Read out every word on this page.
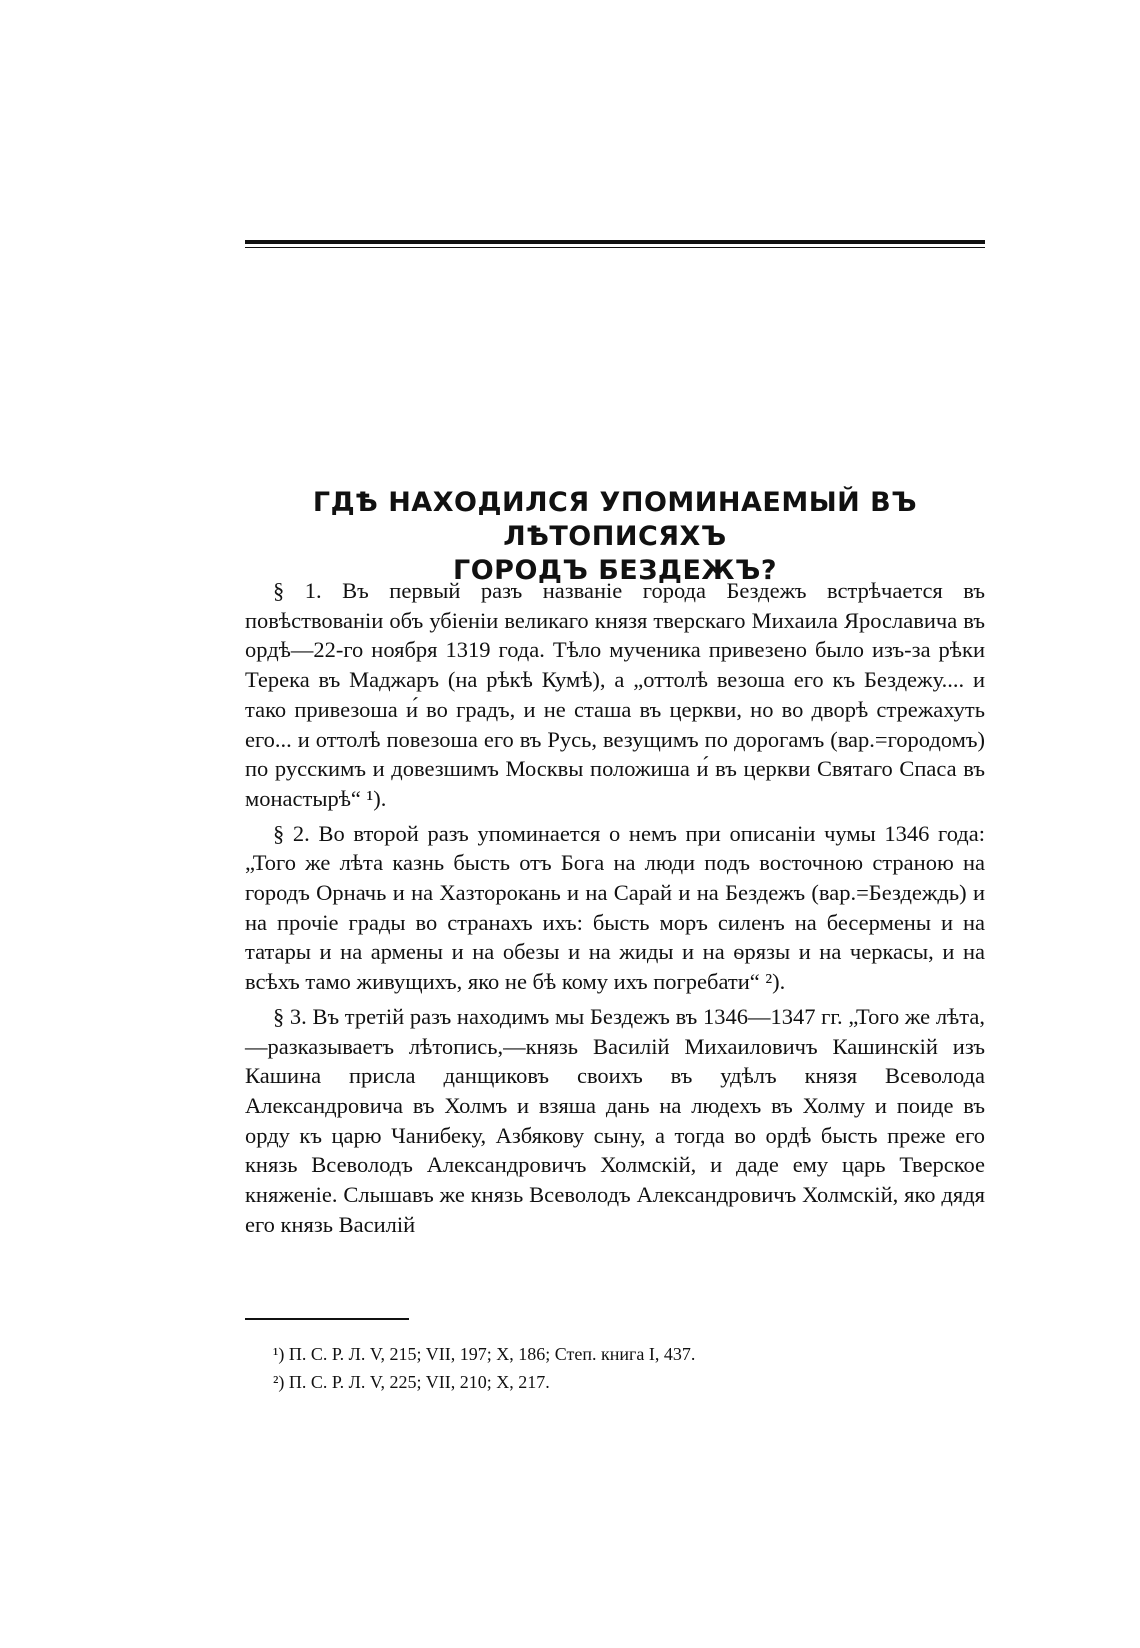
ГДѢ НАХОДИЛСЯ УПОМИНАЕМЫЙ ВЪ ЛѢТОПИСЯХЪ
ГОРОДЪ БЕЗДЕЖЪ?

§ 1. Въ первый разъ названіе города Бездежъ встрѣчается въ повѣствованіи объ убіеніи великаго князя тверскаго Михаила Ярославича въ ордѣ—22-го ноября 1319 года. Тѣло мученика привезено было изъ-за рѣки Терека въ Маджаръ (на рѣкѣ Кумѣ), а „оттолѣ везоша его къ Бездежу.... и тако привезоша и́ во градъ, и не сташа въ церкви, но во дворѣ стрежахуть его... и оттолѣ повезоша его въ Русь, везущимъ по дорогамъ (вар.=городомъ) по русскимъ и довезшимъ Москвы положиша и́ въ церкви Святаго Спаса въ монастырѣ“ ¹).

§ 2. Во второй разъ упоминается о немъ при описаніи чумы 1346 года: „Того же лѣта казнь бысть отъ Бога на люди подъ восточною страною на городъ Орначь и на Хазторокань и на Сарай и на Бездежъ (вар.=Бездеждь) и на прочіе грады во странахъ ихъ: бысть моръ силенъ на бесермены и на татары и на армены и на обезы и на жиды и на ѳрязы и на черкасы, и на всѣхъ тамо живущихъ, яко не бѣ кому ихъ погребати“ ²).

§ 3. Въ третій разъ находимъ мы Бездежъ въ 1346—1347 гг. „Того же лѣта,—разказываетъ лѣтопись,—князь Василій Михаиловичъ Кашинскій изъ Кашина присла данщиковъ своихъ въ удѣлъ князя Всеволода Александровича въ Холмъ и взяша дань на людехъ въ Холму и поиде въ орду къ царю Чанибеку, Азбякову сыну, а тогда во ордѣ бысть преже его князь Всеволодъ Александровичъ Холмскій, и даде ему царь Тверское княженіе. Слышавъ же князь Всеволодъ Александровичъ Холмскій, яко дядя его князь Василій

¹) П. С. Р. Л. V, 215; VII, 197; X, 186; Степ. книга I, 437.
²) П. С. Р. Л. V, 225; VII, 210; X, 217.
